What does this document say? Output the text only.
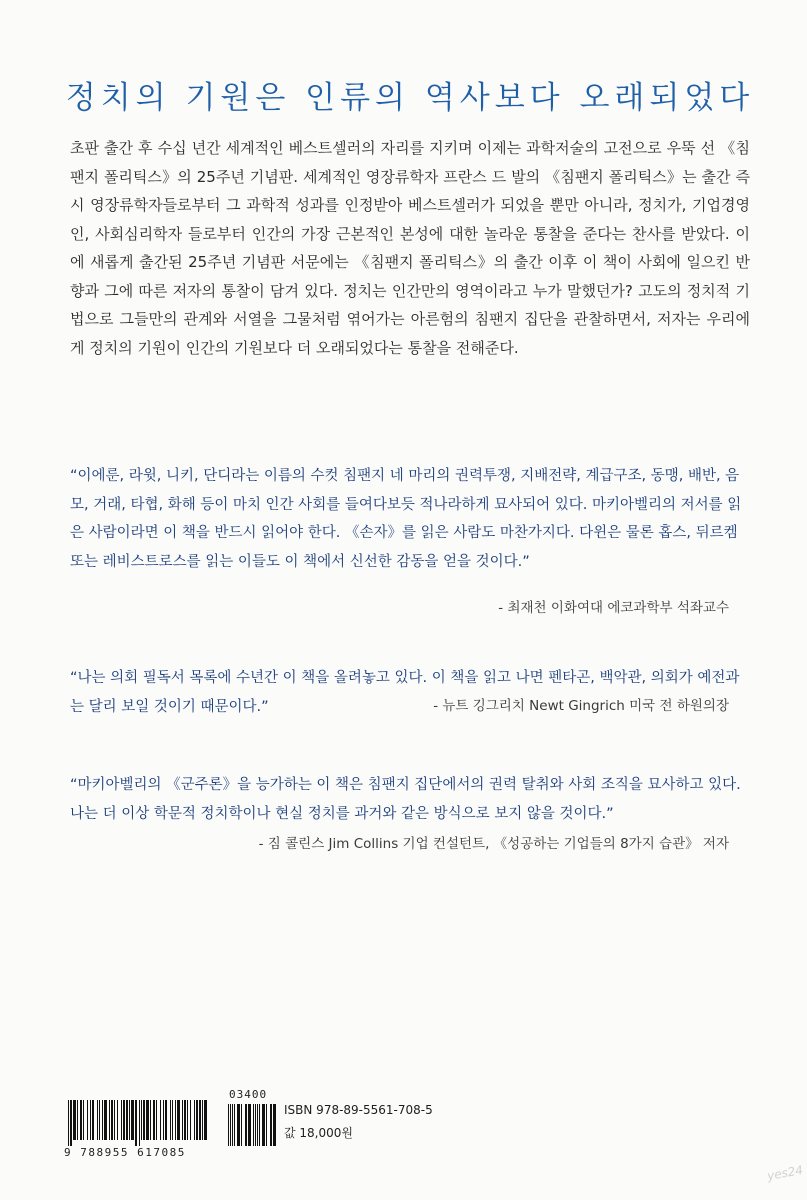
정치의 기원은 인류의 역사보다 오래되었다

초판 출간 후 수십 년간 세계적인 베스트셀러의 자리를 지키며 이제는 과학저술의 고전으로 우뚝 선 《침팬지 폴리틱스》의 25주년 기념판. 세계적인 영장류학자 프란스 드 발의 《침팬지 폴리틱스》는 출간 즉시 영장류학자들로부터 그 과학적 성과를 인정받아 베스트셀러가 되었을 뿐만 아니라, 정치가, 기업경영인, 사회심리학자 들로부터 인간의 가장 근본적인 본성에 대한 놀라운 통찰을 준다는 찬사를 받았다. 이에 새롭게 출간된 25주년 기념판 서문에는 《침팬지 폴리틱스》의 출간 이후 이 책이 사회에 일으킨 반향과 그에 따른 저자의 통찰이 담겨 있다. 정치는 인간만의 영역이라고 누가 말했던가? 고도의 정치적 기법으로 그들만의 관계와 서열을 그물처럼 엮어가는 아른험의 침팬지 집단을 관찰하면서, 저자는 우리에게 정치의 기원이 인간의 기원보다 더 오래되었다는 통찰을 전해준다.

“이에룬, 라윗, 니키, 단디라는 이름의 수컷 침팬지 네 마리의 권력투쟁, 지배전략, 계급구조, 동맹, 배반, 음모, 거래, 타협, 화해 등이 마치 인간 사회를 들여다보듯 적나라하게 묘사되어 있다. 마키아벨리의 저서를 읽은 사람이라면 이 책을 반드시 읽어야 한다. 《손자》를 읽은 사람도 마찬가지다. 다윈은 물론 홉스, 뒤르켐 또는 레비스트로스를 읽는 이들도 이 책에서 신선한 감동을 얻을 것이다.”

- 최재천 이화여대 에코과학부 석좌교수

“나는 의회 필독서 목록에 수년간 이 책을 올려놓고 있다. 이 책을 읽고 나면 펜타곤, 백악관, 의회가 예전과는 달리 보일 것이기 때문이다.”	- 뉴트 깅그리치 Newt Gingrich 미국 전 하원의장

“마키아벨리의 《군주론》을 능가하는 이 책은 침팬지 집단에서의 권력 탈취와 사회 조직을 묘사하고 있다. 나는 더 이상 학문적 정치학이나 현실 정치를 과거와 같은 방식으로 보지 않을 것이다.”

- 짐 콜린스 Jim Collins 기업 컨설턴트, 《성공하는 기업들의 8가지 습관》 저자
03400
9 788955 617085
ISBN 978-89-5561-708-5
값 18,000원
yes24
